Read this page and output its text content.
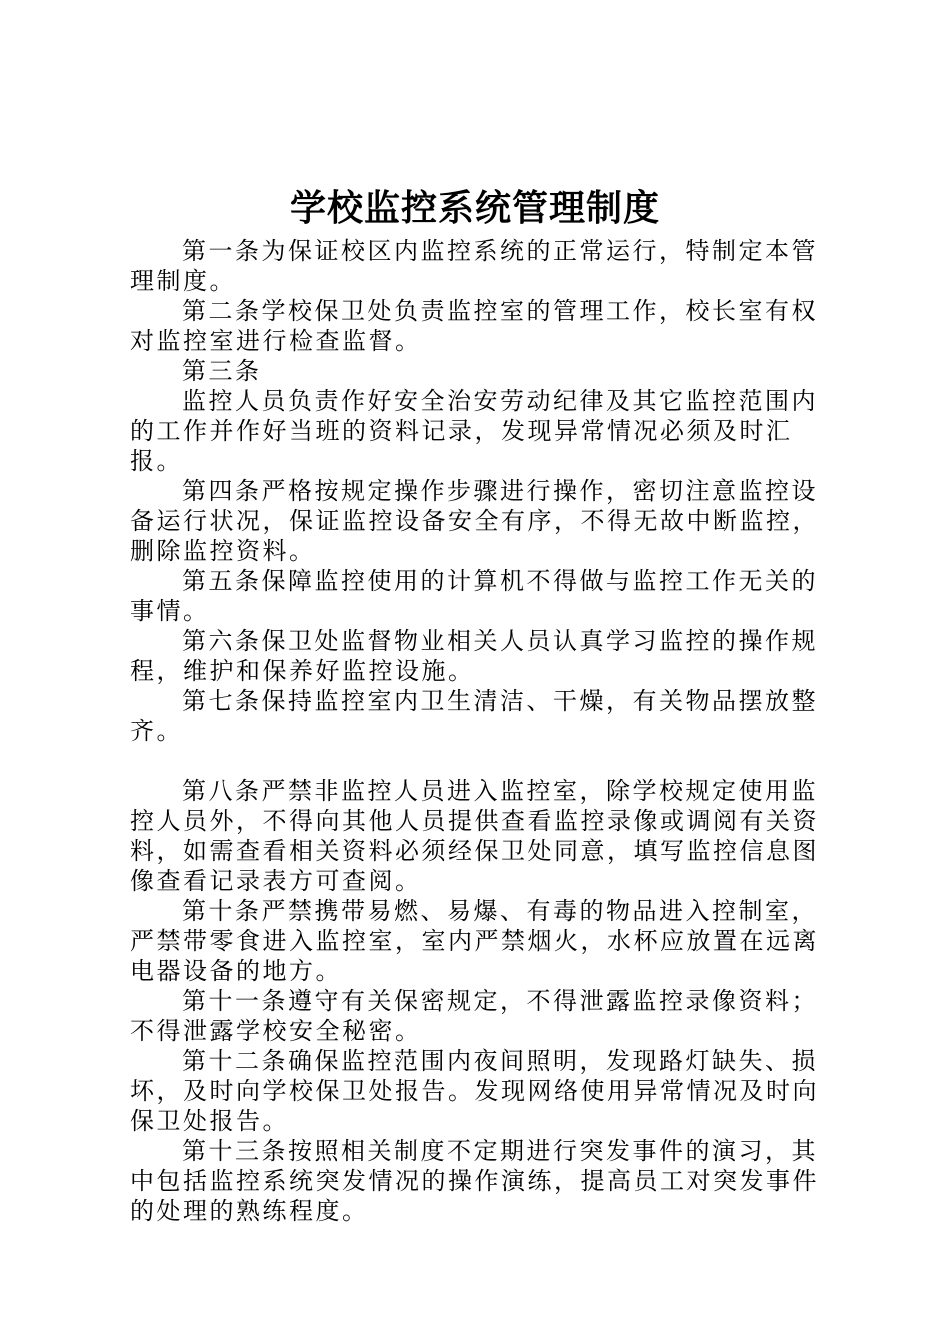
学校监控系统管理制度

第一条为保证校区内监控系统的正常运行，特制定本管理制度。

第二条学校保卫处负责监控室的管理工作，校长室有权对监控室进行检查监督。

第三条

监控人员负责作好安全治安劳动纪律及其它监控范围内的工作并作好当班的资料记录，发现异常情况必须及时汇报。

第四条严格按规定操作步骤进行操作，密切注意监控设备运行状况，保证监控设备安全有序，不得无故中断监控，删除监控资料。

第五条保障监控使用的计算机不得做与监控工作无关的事情。

第六条保卫处监督物业相关人员认真学习监控的操作规程，维护和保养好监控设施。

第七条保持监控室内卫生清洁、干燥，有关物品摆放整齐。

第八条严禁非监控人员进入监控室，除学校规定使用监控人员外，不得向其他人员提供查看监控录像或调阅有关资料，如需查看相关资料必须经保卫处同意，填写监控信息图像查看记录表方可查阅。

第十条严禁携带易燃、易爆、有毒的物品进入控制室，严禁带零食进入监控室，室内严禁烟火，水杯应放置在远离电器设备的地方。

第十一条遵守有关保密规定，不得泄露监控录像资料；不得泄露学校安全秘密。

第十二条确保监控范围内夜间照明，发现路灯缺失、损坏，及时向学校保卫处报告。发现网络使用异常情况及时向保卫处报告。

第十三条按照相关制度不定期进行突发事件的演习，其中包括监控系统突发情况的操作演练，提高员工对突发事件的处理的熟练程度。
